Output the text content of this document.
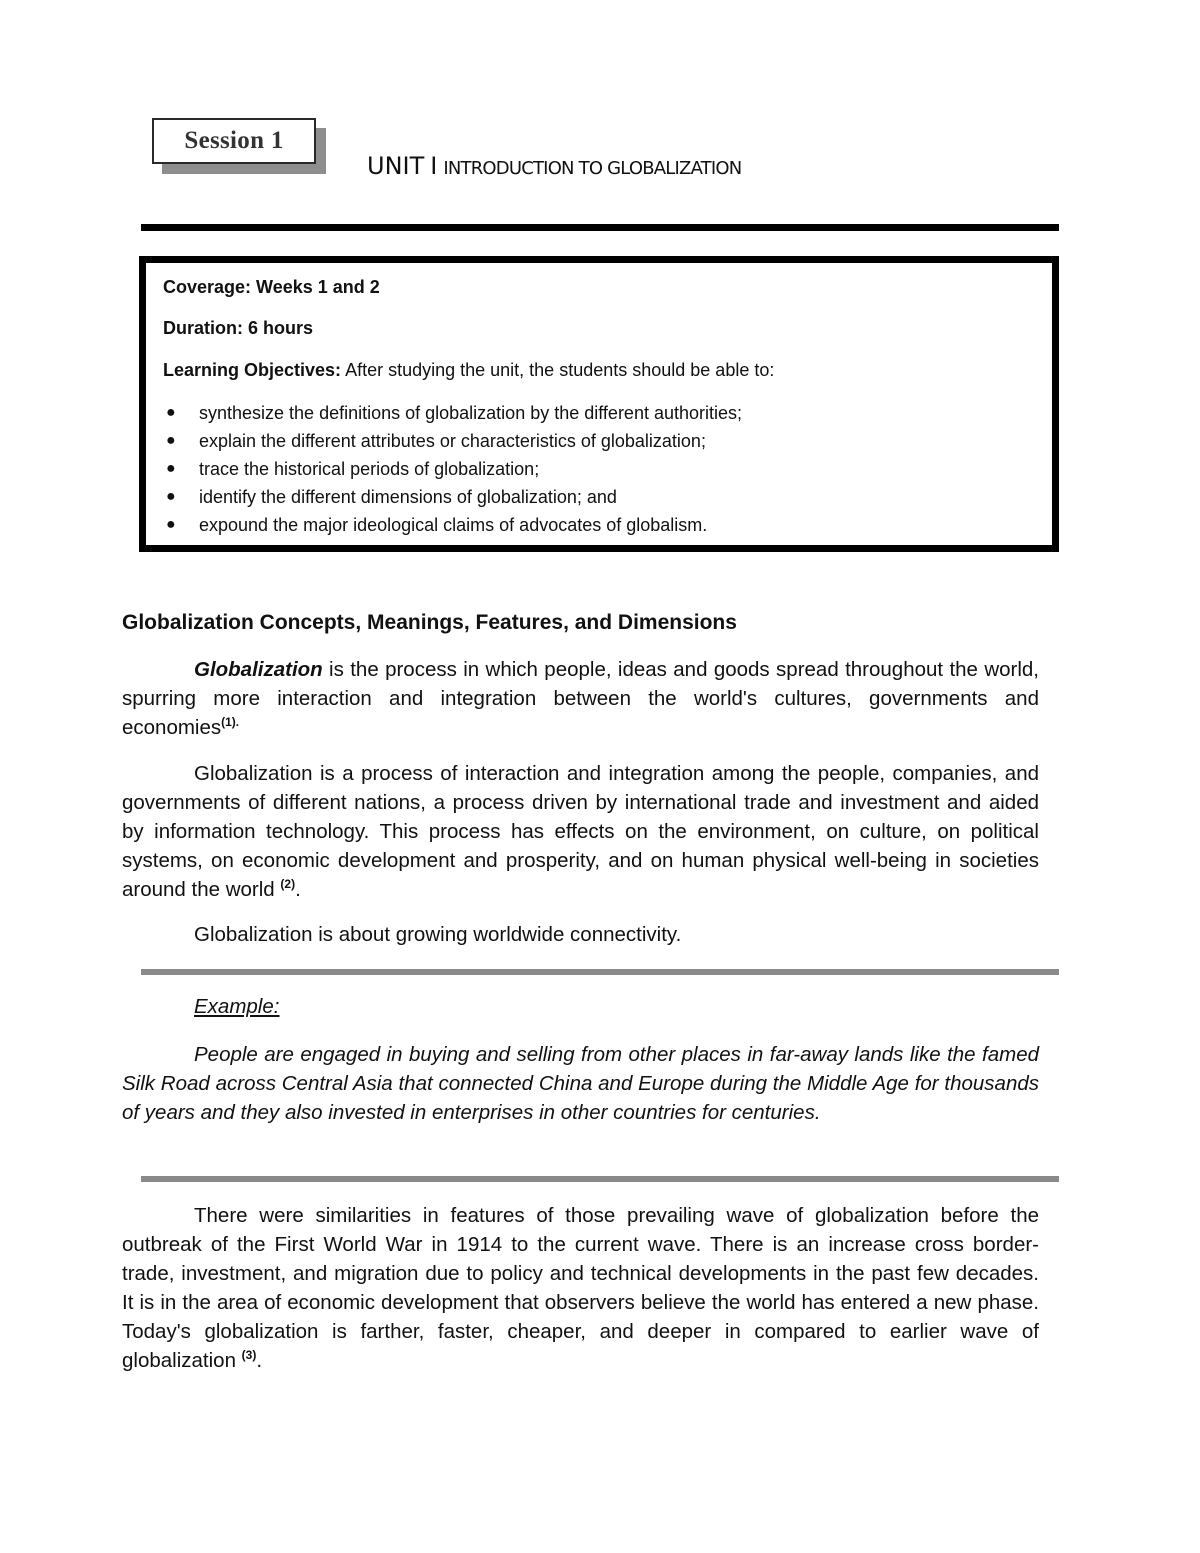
Session 1
UNIT I INTRODUCTION TO GLOBALIZATION

Coverage: Weeks 1 and 2

Duration: 6 hours

Learning Objectives: After studying the unit, the students should be able to:

● synthesize the definitions of globalization by the different authorities;
● explain the different attributes or characteristics of globalization;
● trace the historical periods of globalization;
● identify the different dimensions of globalization; and
● expound the major ideological claims of advocates of globalism.
Globalization Concepts, Meanings, Features, and Dimensions

Globalization is the process in which people, ideas and goods spread throughout the world, spurring more interaction and integration between the world's cultures, governments and economies$^{(1).}$

Globalization is a process of interaction and integration among the people, companies, and governments of different nations, a process driven by international trade and investment and aided by information technology. This process has effects on the environment, on culture, on political systems, on economic development and prosperity, and on human physical well-being in societies around the world $^{(2)}$.

Globalization is about growing worldwide connectivity.

Example:

People are engaged in buying and selling from other places in far-away lands like the famed Silk Road across Central Asia that connected China and Europe during the Middle Age for thousands of years and they also invested in enterprises in other countries for centuries.

There were similarities in features of those prevailing wave of globalization before the outbreak of the First World War in 1914 to the current wave. There is an increase cross border- trade, investment, and migration due to policy and technical developments in the past few decades. It is in the area of economic development that observers believe the world has entered a new phase. Today's globalization is farther, faster, cheaper, and deeper in compared to earlier wave of globalization $^{(3)}$.
